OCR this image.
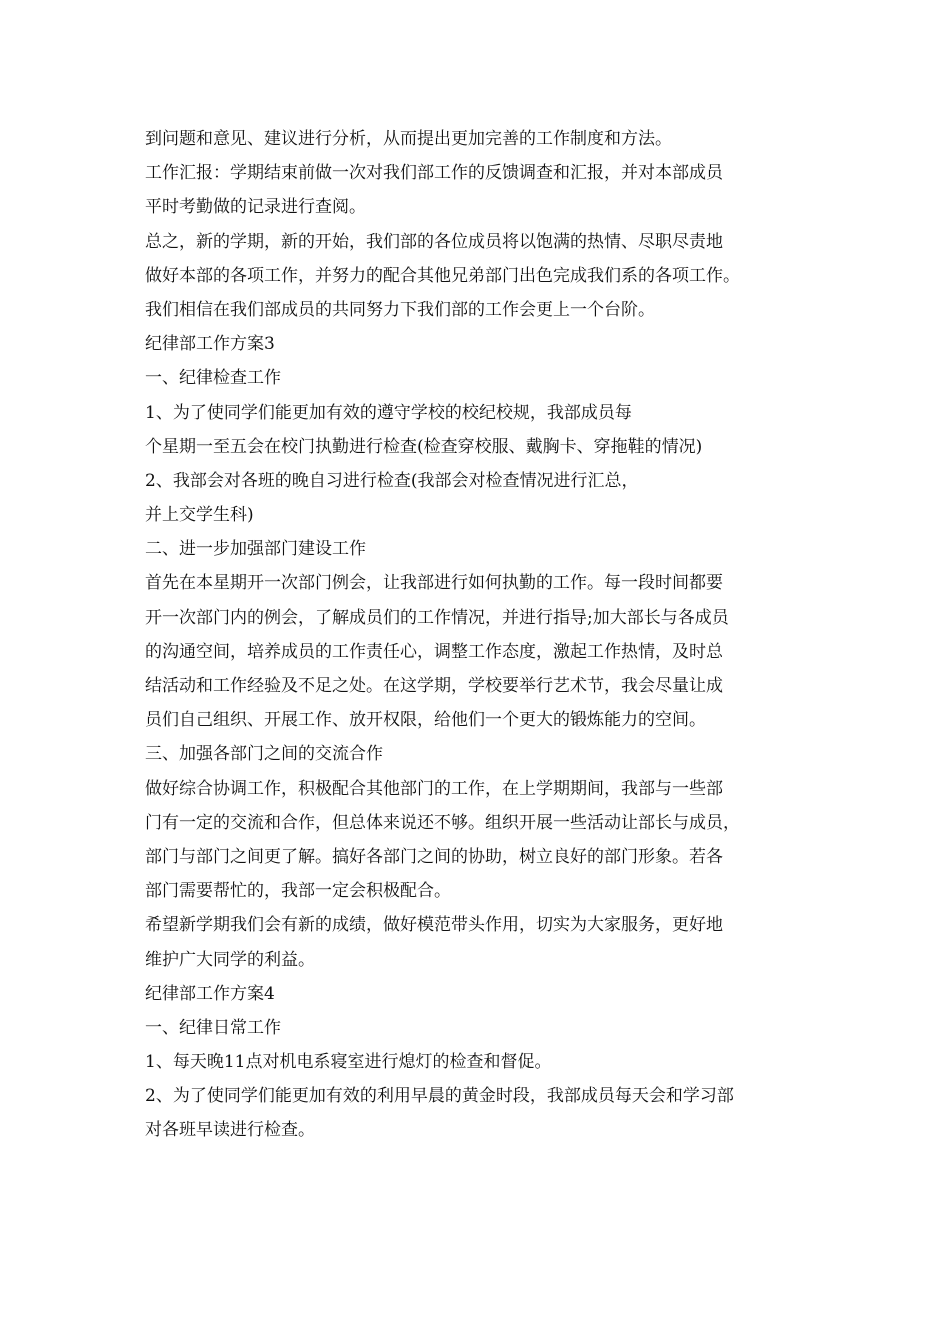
到问题和意见、建议进行分析，从而提出更加完善的工作制度和方法。
工作汇报：学期结束前做一次对我们部工作的反馈调查和汇报，并对本部成员
平时考勤做的记录进行查阅。
总之，新的学期，新的开始，我们部的各位成员将以饱满的热情、尽职尽责地
做好本部的各项工作，并努力的配合其他兄弟部门出色完成我们系的各项工作。
我们相信在我们部成员的共同努力下我们部的工作会更上一个台阶。
纪律部工作方案3
一、纪律检查工作
1、为了使同学们能更加有效的遵守学校的校纪校规，我部成员每
个星期一至五会在校门执勤进行检查(检查穿校服、戴胸卡、穿拖鞋的情况)
2、我部会对各班的晚自习进行检查(我部会对检查情况进行汇总，
并上交学生科)
二、进一步加强部门建设工作
首先在本星期开一次部门例会，让我部进行如何执勤的工作。每一段时间都要
开一次部门内的例会，了解成员们的工作情况，并进行指导;加大部长与各成员
的沟通空间，培养成员的工作责任心，调整工作态度，激起工作热情，及时总
结活动和工作经验及不足之处。在这学期，学校要举行艺术节，我会尽量让成
员们自己组织、开展工作、放开权限，给他们一个更大的锻炼能力的空间。
三、加强各部门之间的交流合作
做好综合协调工作，积极配合其他部门的工作，在上学期期间，我部与一些部
门有一定的交流和合作，但总体来说还不够。组织开展一些活动让部长与成员，
部门与部门之间更了解。搞好各部门之间的协助，树立良好的部门形象。若各
部门需要帮忙的，我部一定会积极配合。
希望新学期我们会有新的成绩，做好模范带头作用，切实为大家服务，更好地
维护广大同学的利益。
纪律部工作方案4
一、纪律日常工作
1、每天晚11点对机电系寝室进行熄灯的检查和督促。
2、为了使同学们能更加有效的利用早晨的黄金时段，我部成员每天会和学习部
对各班早读进行检查。
